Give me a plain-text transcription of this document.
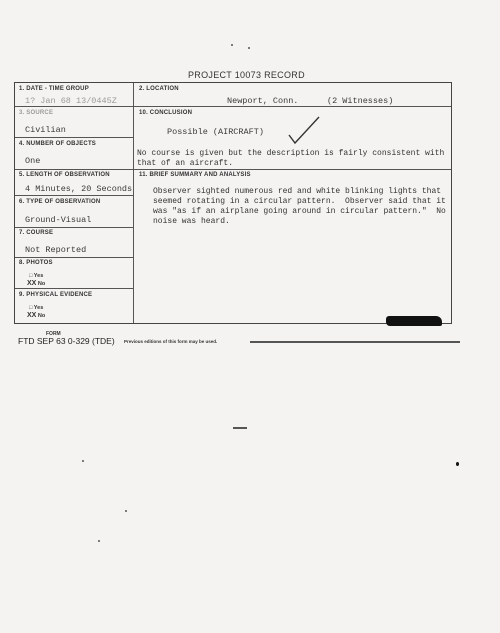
PROJECT 10073 RECORD
1. DATE - TIME GROUP
1? Jan 68 13/0445Z
2. LOCATION
Newport, Conn.	(2 Witnesses)
3. SOURCE
Civilian
10. CONCLUSION
Possible (AIRCRAFT)
4. NUMBER OF OBJECTS
One
No course is given but the description is fairly consistent with
that of an aircraft.
5. LENGTH OF OBSERVATION
4 Minutes, 20 Seconds
11. BRIEF SUMMARY AND ANALYSIS
Observer sighted numerous red and white blinking lights that
seemed rotating in a circular pattern.  Observer said that it
was "as if an airplane going around in circular pattern."  No
noise was heard.
6. TYPE OF OBSERVATION
Ground-Visual
7. COURSE
Not Reported
8. PHOTOS
□ Yes
XX No
9. PHYSICAL EVIDENCE
□ Yes
XX No
FORM
FTD SEP 63 0-329 (TDE) Previous editions of this form may be used.
